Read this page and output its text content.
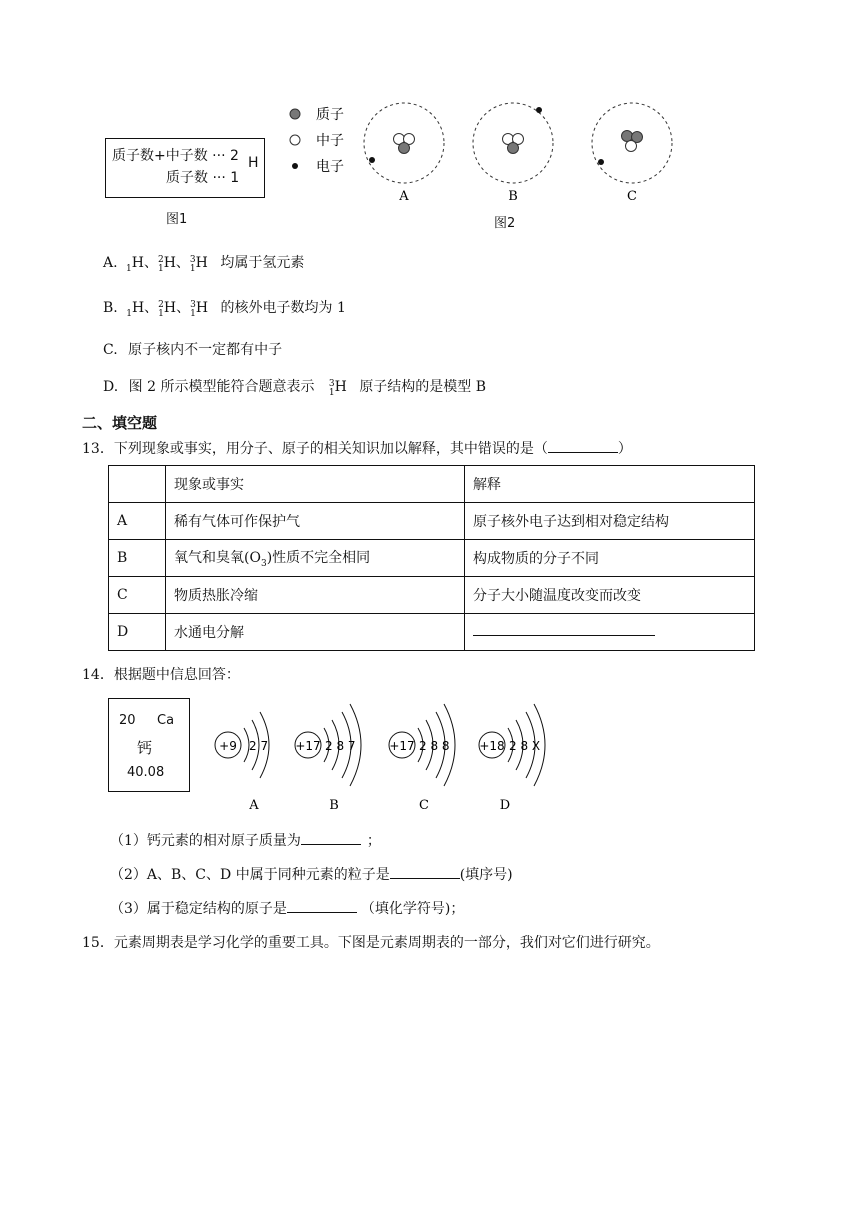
质子数+中子数 ··· 2
质子数 ··· 1
H
图1
质子
中子
电子
A	B	C
图2
A. 1H、2
1H、3
1H 均属于氢元素
B. 1H、2
1H、3
1H 的核外电子数均为 1
C. 原子核内不一定都有中子
D. 图 2 所示模型能符合题意表示 3
1H 原子结构的是模型 B
二、填空题
13．下列现象或事实，用分子、原子的相关知识加以解释，其中错误的是（	）
	现象或事实	解释
A	稀有气体可作保护气	原子核外电子达到相对稳定结构
B	氧气和臭氧$(O_3)$性质不完全相同	构成物质的分子不同
C	物质热胀冷缩	分子大小随温度改变而改变
D	水通电分解	
14．根据题中信息回答：
20 Ca
钙
40.08
+9 2 7
A
+17 2 8 7
B
+17 2 8 8
C
+18 2 8 X
D
（1）钙元素的相对原子质量为	；
（2）A、B、C、D 中属于同种元素的粒子是	(填序号)
（3）属于稳定结构的原子是	（填化学符号)；
15．元素周期表是学习化学的重要工具。下图是元素周期表的一部分，我们对它们进行研究。
